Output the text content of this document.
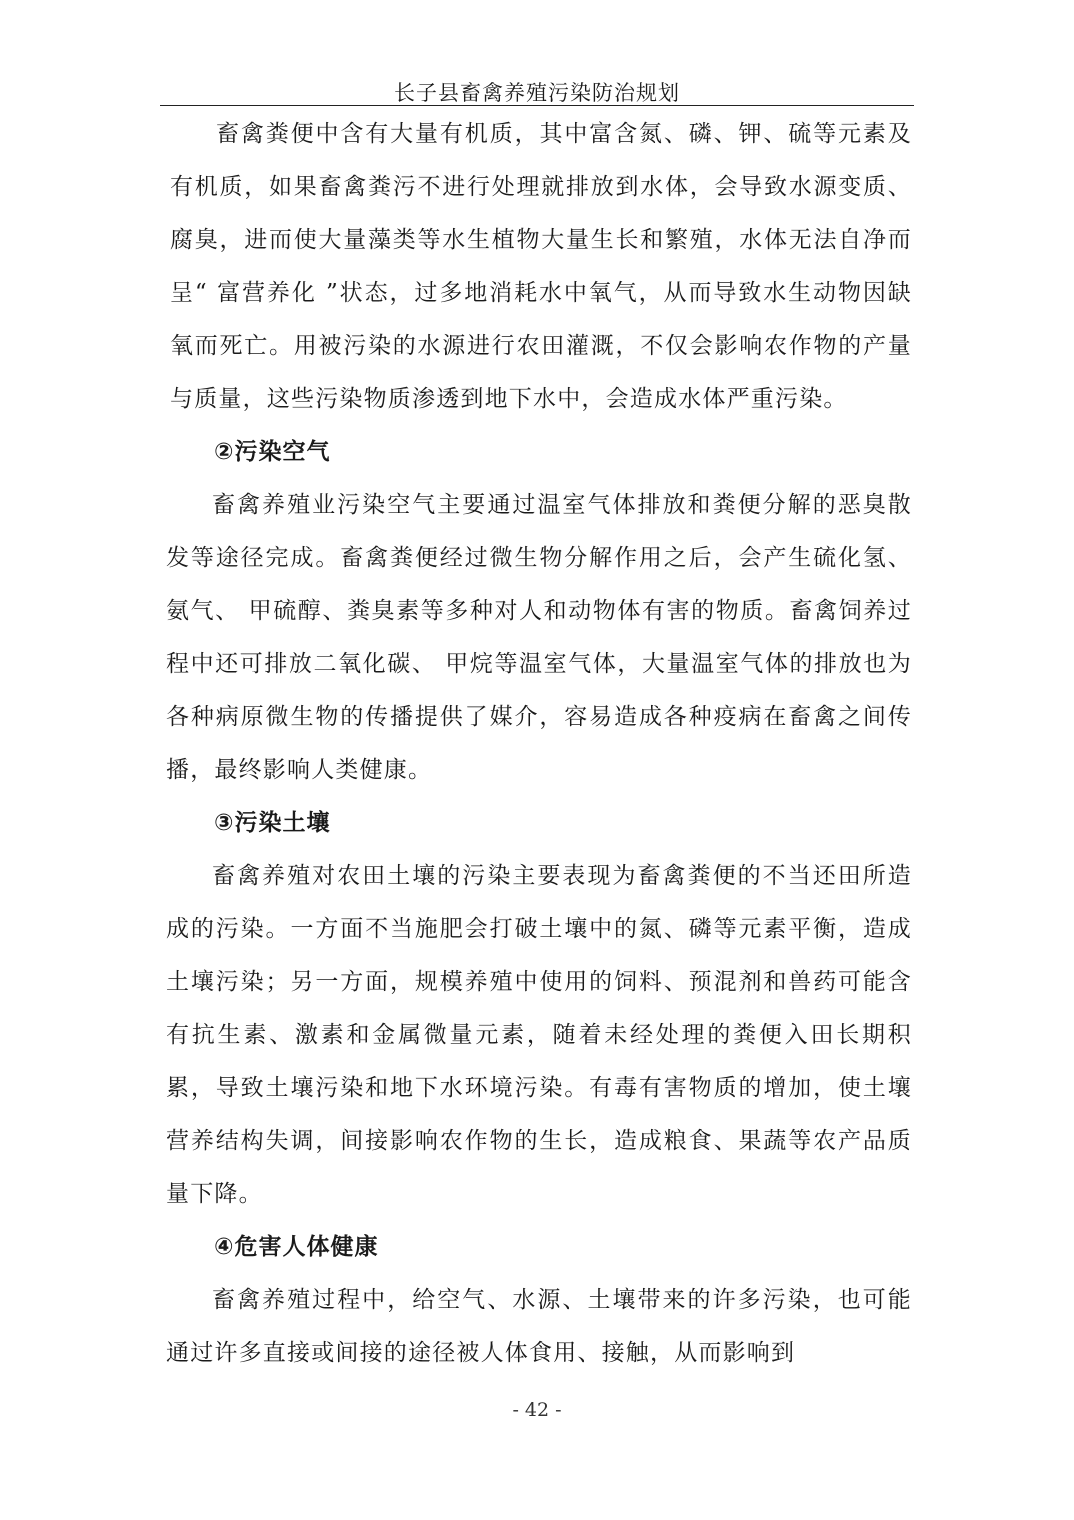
长子县畜禽养殖污染防治规划

畜禽粪便中含有大量有机质，其中富含氮、磷、钾、硫等元素及有机质，如果畜禽粪污不进行处理就排放到水体，会导致水源变质、腐臭，进而使大量藻类等水生植物大量生长和繁殖，水体无法自净而呈“ 富营养化 ”状态，过多地消耗水中氧气，从而导致水生动物因缺氧而死亡。用被污染的水源进行农田灌溉，不仅会影响农作物的产量与质量，这些污染物质渗透到地下水中，会造成水体严重污染。

②污染空气

畜禽养殖业污染空气主要通过温室气体排放和粪便分解的恶臭散发等途径完成。畜禽粪便经过微生物分解作用之后，会产生硫化氢、氨气、 甲硫醇、粪臭素等多种对人和动物体有害的物质。畜禽饲养过程中还可排放二氧化碳、 甲烷等温室气体，大量温室气体的排放也为各种病原微生物的传播提供了媒介，容易造成各种疫病在畜禽之间传播，最终影响人类健康。

③污染土壤

畜禽养殖对农田土壤的污染主要表现为畜禽粪便的不当还田所造成的污染。一方面不当施肥会打破土壤中的氮、磷等元素平衡，造成土壤污染；另一方面，规模养殖中使用的饲料、预混剂和兽药可能含有抗生素、激素和金属微量元素，随着未经处理的粪便入田长期积累，导致土壤污染和地下水环境污染。有毒有害物质的增加，使土壤营养结构失调，间接影响农作物的生长，造成粮食、果蔬等农产品质量下降。

④危害人体健康

畜禽养殖过程中，给空气、水源、土壤带来的许多污染，也可能通过许多直接或间接的途径被人体食用、接触，从而影响到

- 42 -
